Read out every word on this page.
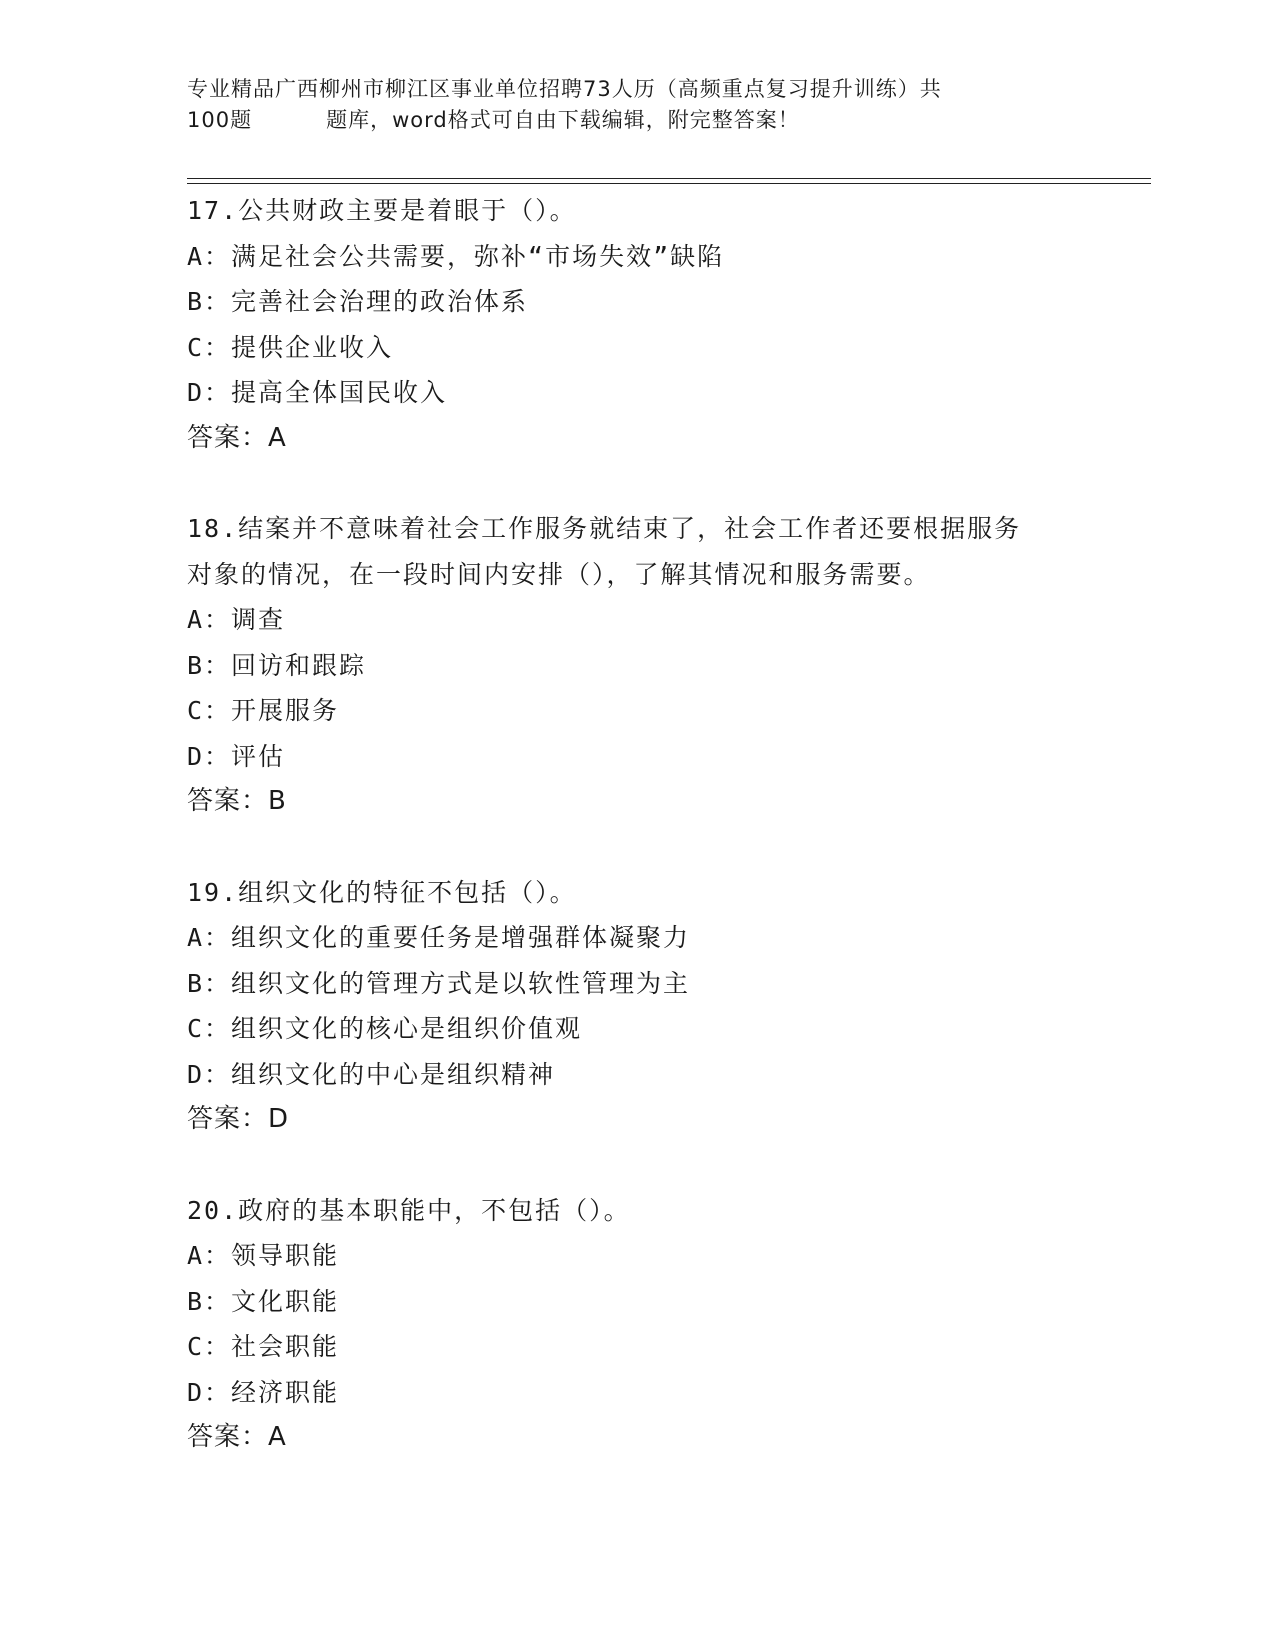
专业精品广西柳州市柳江区事业单位招聘73人历（高频重点复习提升训练）共
100题	题库，word格式可自由下载编辑，附完整答案！
17.公共财政主要是着眼于（）。
A：满足社会公共需要，弥补“市场失效”缺陷
B：完善社会治理的政治体系
C：提供企业收入
D：提高全体国民收入
答案：A
18.结案并不意味着社会工作服务就结束了，社会工作者还要根据服务
对象的情况，在一段时间内安排（），了解其情况和服务需要。
A：调查
B：回访和跟踪
C：开展服务
D：评估
答案：B
19.组织文化的特征不包括（）。
A：组织文化的重要任务是增强群体凝聚力
B：组织文化的管理方式是以软性管理为主
C：组织文化的核心是组织价值观
D：组织文化的中心是组织精神
答案：D
20.政府的基本职能中，不包括（）。
A：领导职能
B：文化职能
C：社会职能
D：经济职能
答案：A
